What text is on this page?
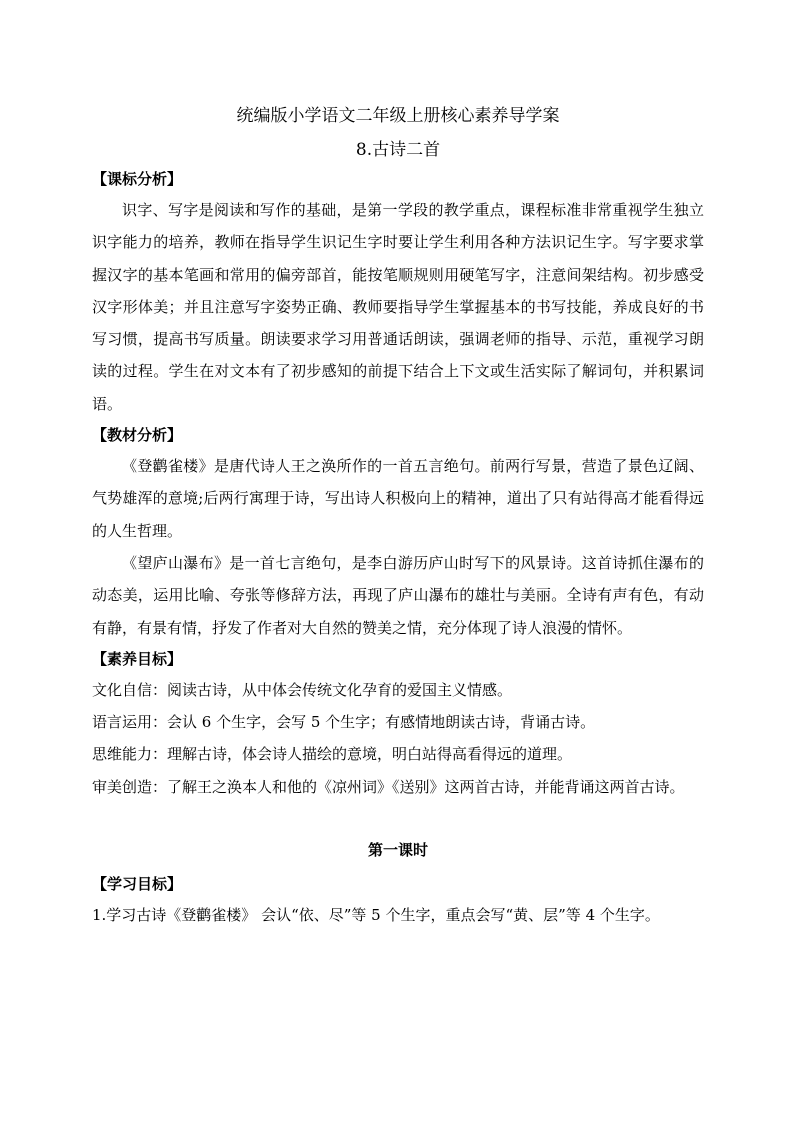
统编版小学语文二年级上册核心素养导学案

8.古诗二首

【课标分析】

识字、写字是阅读和写作的基础，是第一学段的教学重点，课程标准非常重视学生独立识字能力的培养，教师在指导学生识记生字时要让学生利用各种方法识记生字。写字要求掌握汉字的基本笔画和常用的偏旁部首，能按笔顺规则用硬笔写字，注意间架结构。初步感受汉字形体美；并且注意写字姿势正确、教师要指导学生掌握基本的书写技能，养成良好的书写习惯，提高书写质量。朗读要求学习用普通话朗读，强调老师的指导、示范，重视学习朗读的过程。学生在对文本有了初步感知的前提下结合上下文或生活实际了解词句，并积累词语。

【教材分析】

《登鹳雀楼》是唐代诗人王之涣所作的一首五言绝句。前两行写景，营造了景色辽阔、气势雄浑的意境;后两行寓理于诗，写出诗人积极向上的精神，道出了只有站得高才能看得远的人生哲理。

《望庐山瀑布》是一首七言绝句，是李白游历庐山时写下的风景诗。这首诗抓住瀑布的动态美，运用比喻、夸张等修辞方法，再现了庐山瀑布的雄壮与美丽。全诗有声有色，有动有静，有景有情，抒发了作者对大自然的赞美之情，充分体现了诗人浪漫的情怀。

【素养目标】

文化自信：阅读古诗，从中体会传统文化孕育的爱国主义情感。

语言运用：会认 6 个生字，会写 5 个生字；有感情地朗读古诗，背诵古诗。

思维能力：理解古诗，体会诗人描绘的意境，明白站得高看得远的道理。

审美创造：了解王之涣本人和他的《凉州词》《送别》这两首古诗，并能背诵这两首古诗。

第一课时

【学习目标】

1.学习古诗《登鹳雀楼》 会认“依、尽”等 5 个生字，重点会写“黄、层”等 4 个生字。
